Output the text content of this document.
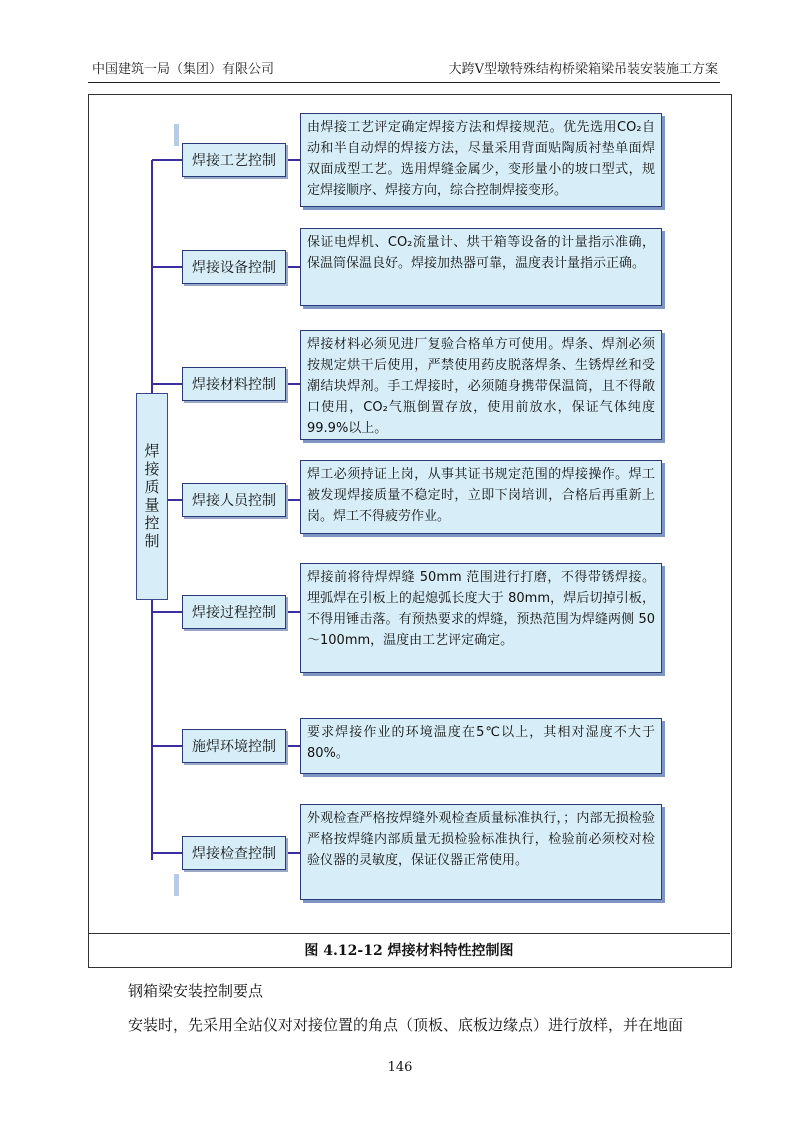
中国建筑一局（集团）有限公司	大跨V型墩特殊结构桥梁箱梁吊装安装施工方案
焊接质量控制
焊接工艺控制
由焊接工艺评定确定焊接方法和焊接规范。优先选用CO₂自动和半自动焊的焊接方法，尽量采用背面贴陶质衬垫单面焊双面成型工艺。选用焊缝金属少，变形量小的坡口型式，规定焊接顺序、焊接方向，综合控制焊接变形。
焊接设备控制
保证电焊机、CO₂流量计、烘干箱等设备的计量指示准确，保温筒保温良好。焊接加热器可靠，温度表计量指示正确。
焊接材料控制
焊接材料必须见进厂复验合格单方可使用。焊条、焊剂必须按规定烘干后使用，严禁使用药皮脱落焊条、生锈焊丝和受潮结块焊剂。手工焊接时，必须随身携带保温筒，且不得敞口使用，CO₂气瓶倒置存放，使用前放水，保证气体纯度99.9%以上。
焊接人员控制
焊工必须持证上岗，从事其证书规定范围的焊接操作。焊工被发现焊接质量不稳定时，立即下岗培训，合格后再重新上岗。焊工不得疲劳作业。
焊接过程控制
焊接前将待焊焊缝 50mm 范围进行打磨，不得带锈焊接。埋弧焊在引板上的起熄弧长度大于 80mm，焊后切掉引板，不得用锤击落。有预热要求的焊缝，预热范围为焊缝两侧 50～100mm，温度由工艺评定确定。
施焊环境控制
要求焊接作业的环境温度在5℃以上，其相对湿度不大于80%。
焊接检查控制
外观检查严格按焊缝外观检查质量标准执行，；内部无损检验严格按焊缝内部质量无损检验标准执行，检验前必须校对检验仪器的灵敏度，保证仪器正常使用。
图 4.12-12 焊接材料特性控制图
钢箱梁安装控制要点
安装时，先采用全站仪对对接位置的角点（顶板、底板边缘点）进行放样，并在地面
146
